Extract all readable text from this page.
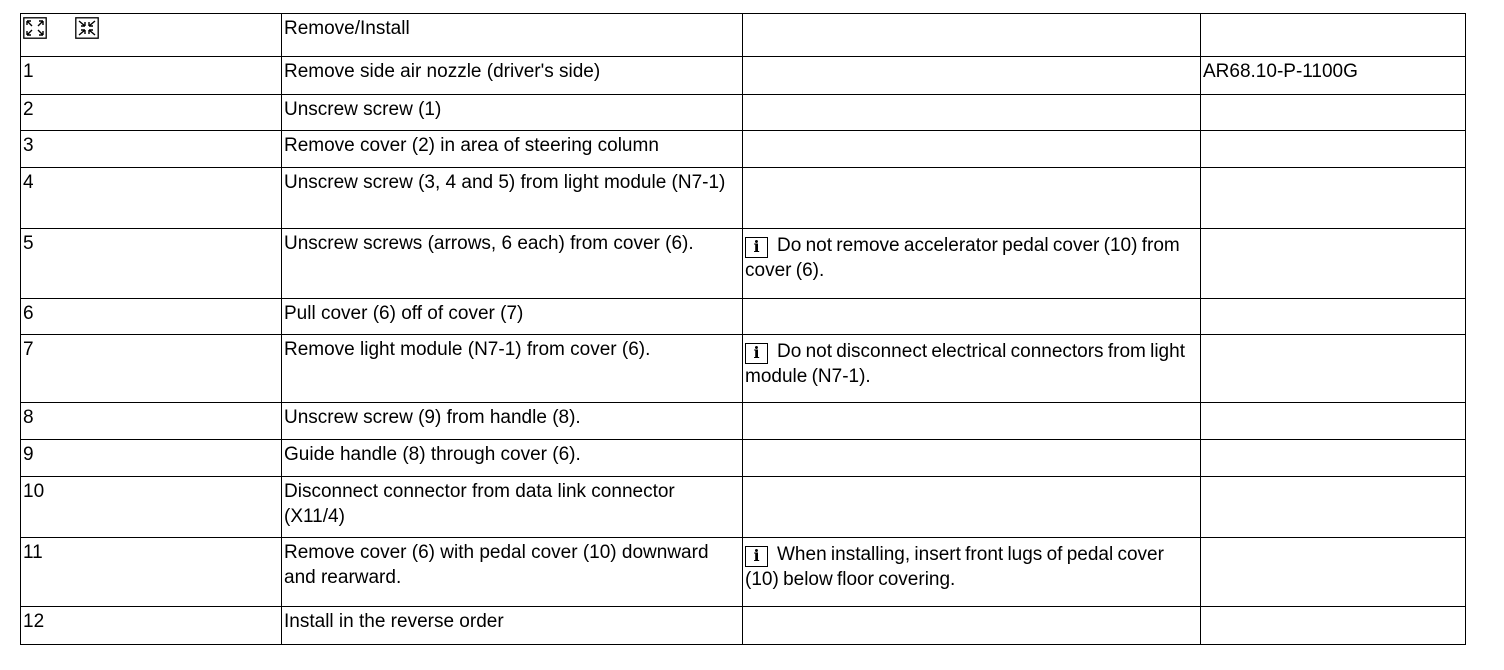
	Remove/Install		
1	Remove side air nozzle (driver's side)		AR68.10-P-1100G
2	Unscrew screw (1)		
3	Remove cover (2) in area of steering column		
4	Unscrew screw (3, 4 and 5) from light module (N7-1)		
5	Unscrew screws (arrows, 6 each) from cover (6).	i Do not remove accelerator pedal cover (10) from cover (6).	
6	Pull cover (6) off of cover (7)		
7	Remove light module (N7-1) from cover (6).	i Do not disconnect electrical connectors from light module (N7-1).	
8	Unscrew screw (9) from handle (8).		
9	Guide handle (8) through cover (6).		
10	Disconnect connector from data link connector (X11/4)		
11	Remove cover (6) with pedal cover (10) downward and rearward.	i When installing, insert front lugs of pedal cover (10) below floor covering.	
12	Install in the reverse order		
